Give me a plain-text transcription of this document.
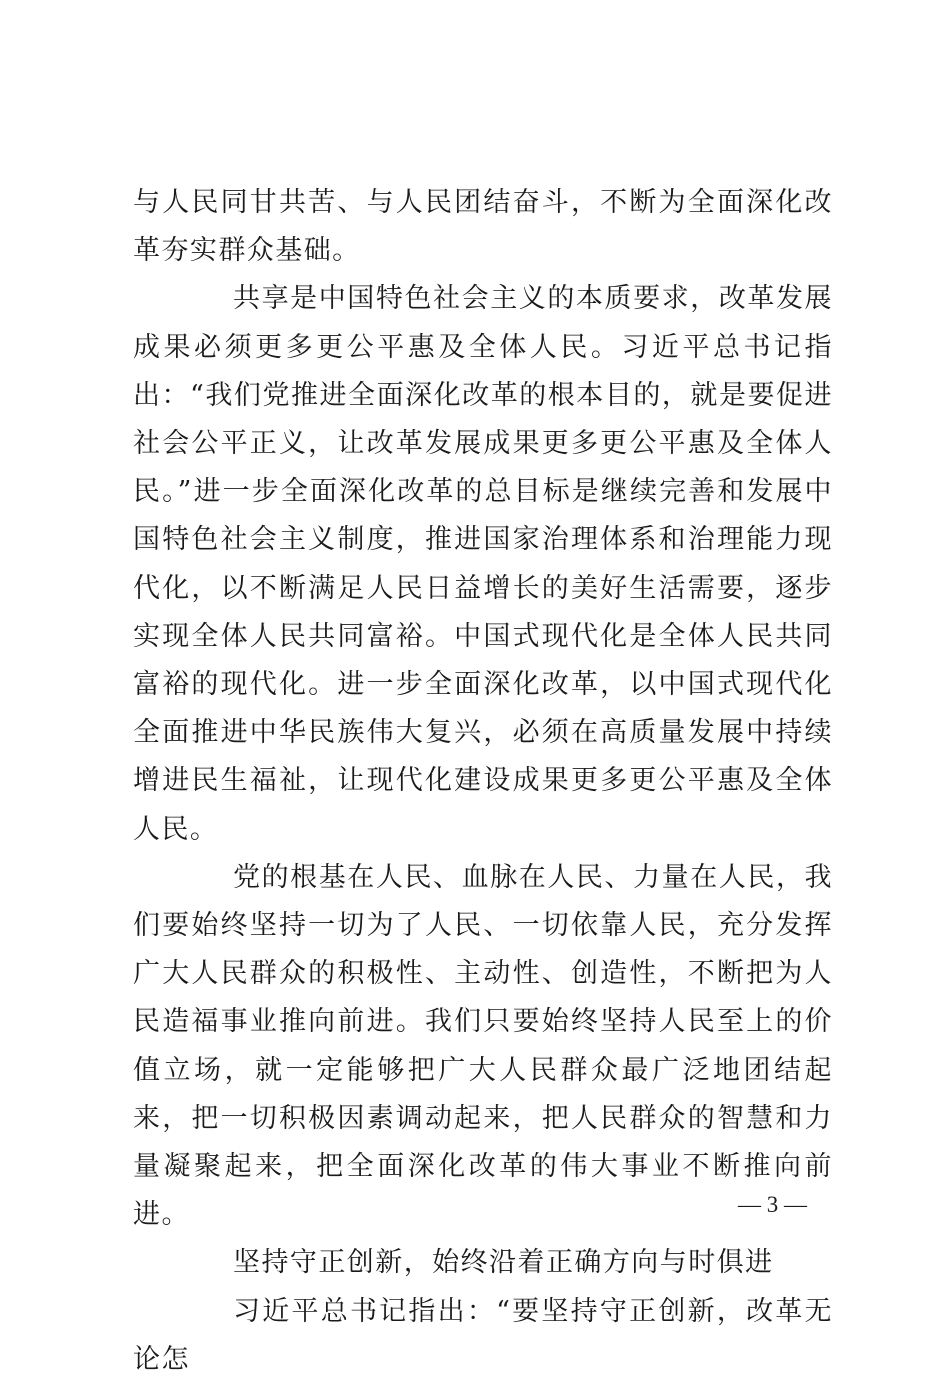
与人民同甘共苦、与人民团结奋斗，不断为全面深化改革夯实群众基础。

共享是中国特色社会主义的本质要求，改革发展成果必须更多更公平惠及全体人民。习近平总书记指出：“我们党推进全面深化改革的根本目的，就是要促进社会公平正义，让改革发展成果更多更公平惠及全体人民。”进一步全面深化改革的总目标是继续完善和发展中国特色社会主义制度，推进国家治理体系和治理能力现代化，以不断满足人民日益增长的美好生活需要，逐步实现全体人民共同富裕。中国式现代化是全体人民共同富裕的现代化。进一步全面深化改革，以中国式现代化全面推进中华民族伟大复兴，必须在高质量发展中持续增进民生福祉，让现代化建设成果更多更公平惠及全体人民。

党的根基在人民、血脉在人民、力量在人民，我们要始终坚持一切为了人民、一切依靠人民，充分发挥广大人民群众的积极性、主动性、创造性，不断把为人民造福事业推向前进。我们只要始终坚持人民至上的价值立场，就一定能够把广大人民群众最广泛地团结起来，把一切积极因素调动起来，把人民群众的智慧和力量凝聚起来，把全面深化改革的伟大事业不断推向前进。

坚持守正创新，始终沿着正确方向与时俱进

习近平总书记指出：“要坚持守正创新，改革无论怎

— 3 —
